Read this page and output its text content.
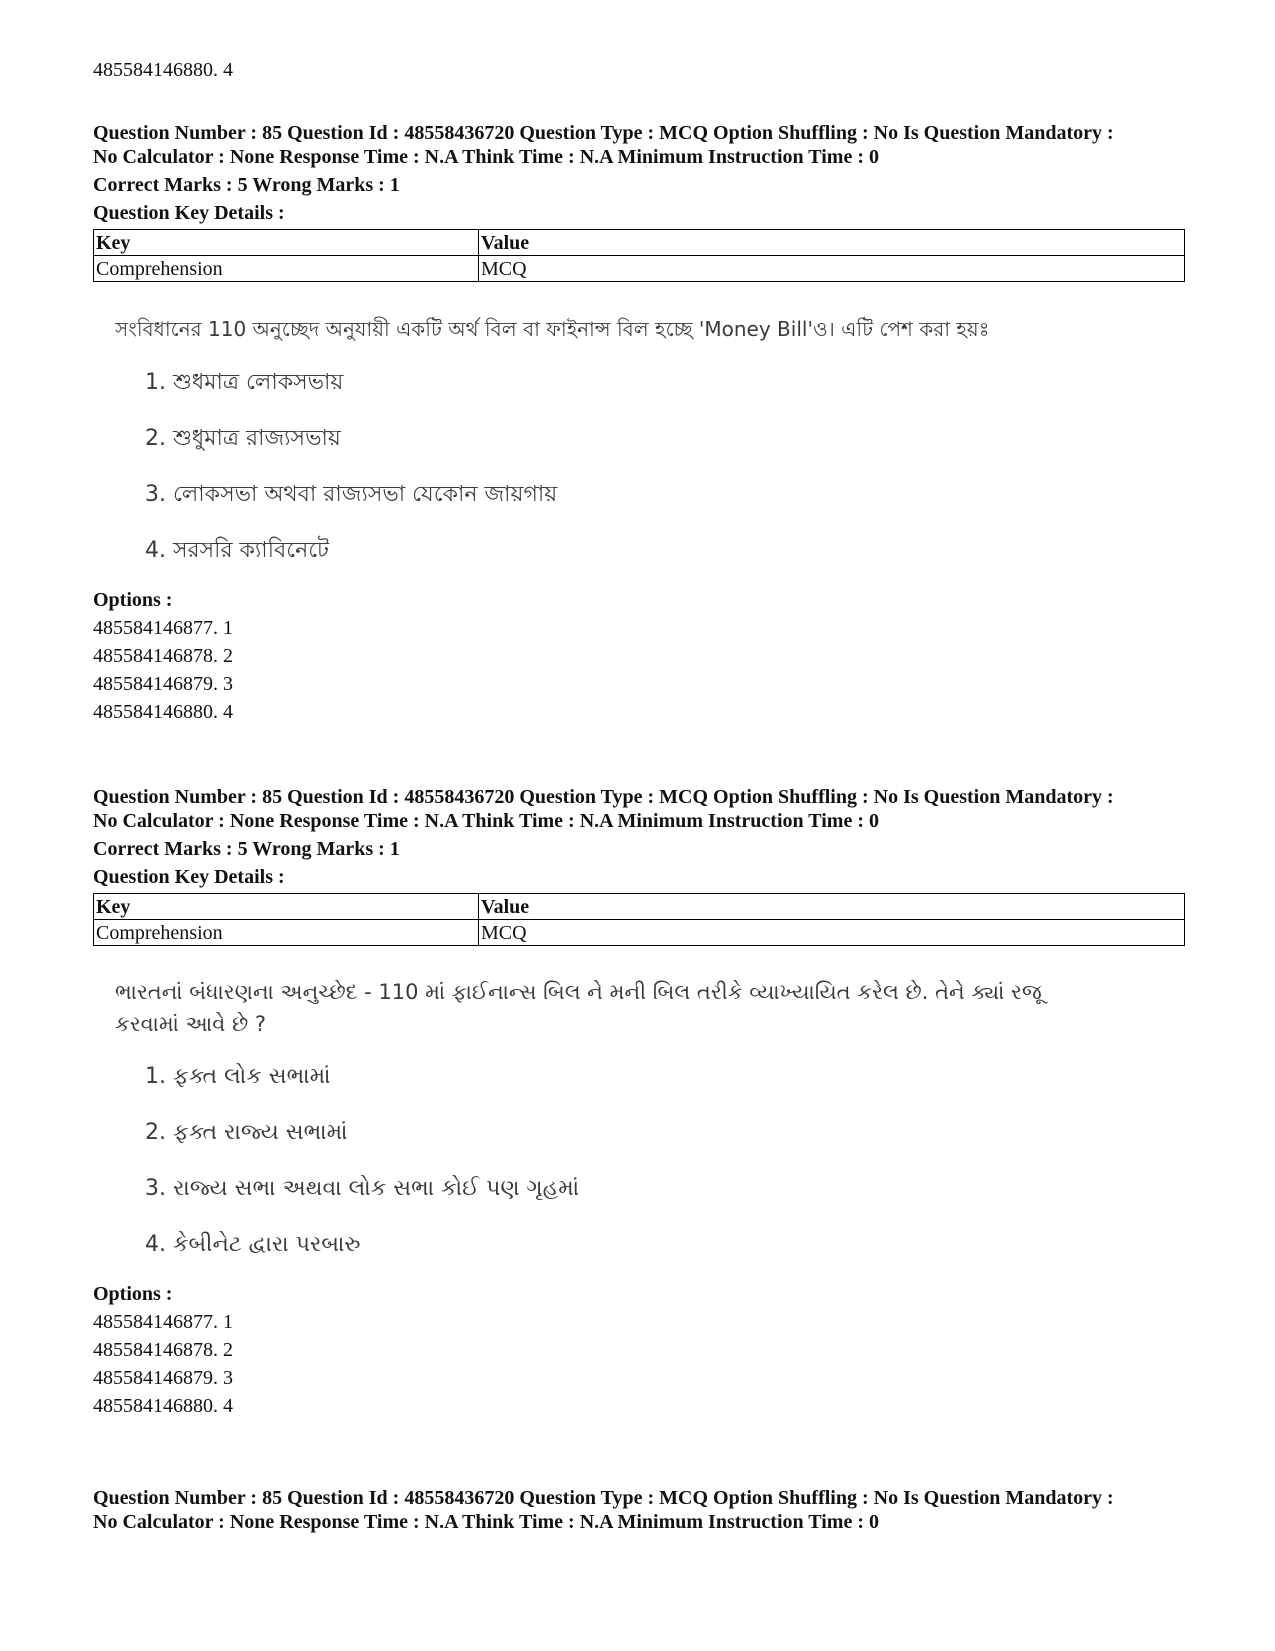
485584146880. 4
Question Number : 85 Question Id : 48558436720 Question Type : MCQ Option Shuffling : No Is Question Mandatory :
No Calculator : None Response Time : N.A Think Time : N.A Minimum Instruction Time : 0
Correct Marks : 5 Wrong Marks : 1
Question Key Details :
Key	Value
Comprehension	MCQ
সংবিধানের 110 অনুচ্ছেদ অনুযায়ী একটি অর্থ বিল বা ফাইনান্স বিল হচ্ছে 'Money Bill'ও। এটি পেশ করা হয়ঃ
1. শুধমাত্র লোকসভায়
2. শুধুমাত্র রাজ্যসভায়
3. লোকসভা অথবা রাজ্যসভা যেকোন জায়গায়
4. সরসরি ক্যাবিনেটে
Options :
485584146877. 1
485584146878. 2
485584146879. 3
485584146880. 4
Question Number : 85 Question Id : 48558436720 Question Type : MCQ Option Shuffling : No Is Question Mandatory :
No Calculator : None Response Time : N.A Think Time : N.A Minimum Instruction Time : 0
Correct Marks : 5 Wrong Marks : 1
Question Key Details :
Key	Value
Comprehension	MCQ
ભારતનાં બંધારણના અનુચ્છેદ - 110 માં ફાઈનાન્સ બિલ ને મની બિલ તરીકે વ્યાખ્યાયિત કરેલ છે. તેને ક્યાં રજૂ કરવામાં આવે છે ?
1. ફક્ત લોક સભામાં
2. ફક્ત રાજ્ય સભામાં
3. રાજ્ય સભા અથવા લોક સભા કોઈ પણ ગૃહમાં
4. કેબીનેટ દ્વારા પરબારુ
Options :
485584146877. 1
485584146878. 2
485584146879. 3
485584146880. 4
Question Number : 85 Question Id : 48558436720 Question Type : MCQ Option Shuffling : No Is Question Mandatory :
No Calculator : None Response Time : N.A Think Time : N.A Minimum Instruction Time : 0
